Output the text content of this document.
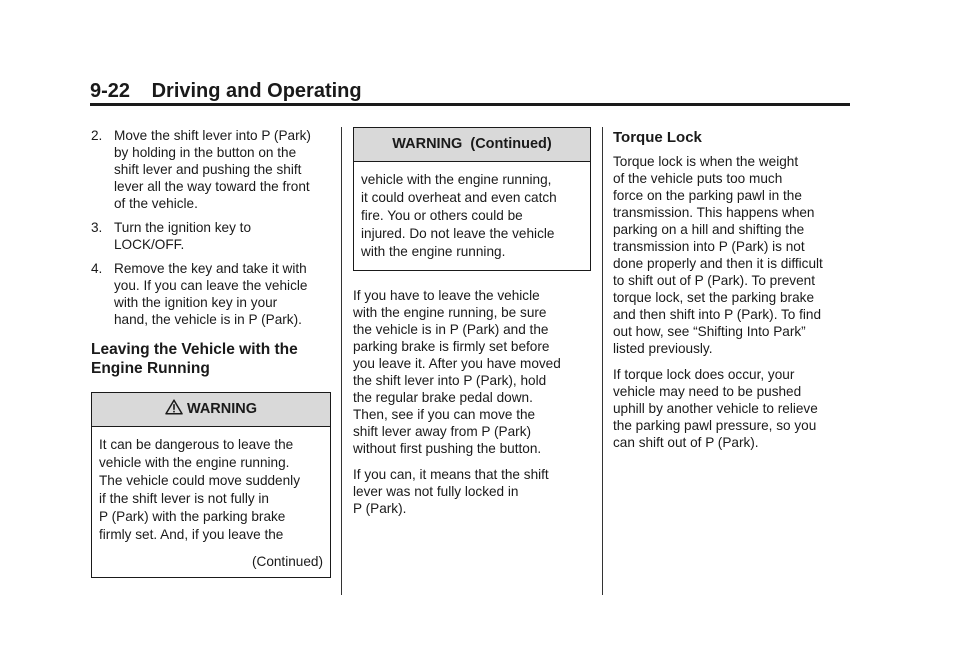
9-22 Driving and Operating
2. Move the shift lever into P (Park)
by holding in the button on the
shift lever and pushing the shift
lever all the way toward the front
of the vehicle.
3. Turn the ignition key to
LOCK/OFF.
4. Remove the key and take it with
you. If you can leave the vehicle
with the ignition key in your
hand, the vehicle is in P (Park).
Leaving the Vehicle with the
Engine Running
WARNING
It can be dangerous to leave the
vehicle with the engine running.
The vehicle could move suddenly
if the shift lever is not fully in
P (Park) with the parking brake
firmly set. And, if you leave the
(Continued)
WARNING  (Continued)
vehicle with the engine running,
it could overheat and even catch
fire. You or others could be
injured. Do not leave the vehicle
with the engine running.

If you have to leave the vehicle
with the engine running, be sure
the vehicle is in P (Park) and the
parking brake is firmly set before
you leave it. After you have moved
the shift lever into P (Park), hold
the regular brake pedal down.
Then, see if you can move the
shift lever away from P (Park)
without first pushing the button.

If you can, it means that the shift
lever was not fully locked in
P (Park).

Torque Lock

Torque lock is when the weight
of the vehicle puts too much
force on the parking pawl in the
transmission. This happens when
parking on a hill and shifting the
transmission into P (Park) is not
done properly and then it is difficult
to shift out of P (Park). To prevent
torque lock, set the parking brake
and then shift into P (Park). To find
out how, see “Shifting Into Park”
listed previously.

If torque lock does occur, your
vehicle may need to be pushed
uphill by another vehicle to relieve
the parking pawl pressure, so you
can shift out of P (Park).
